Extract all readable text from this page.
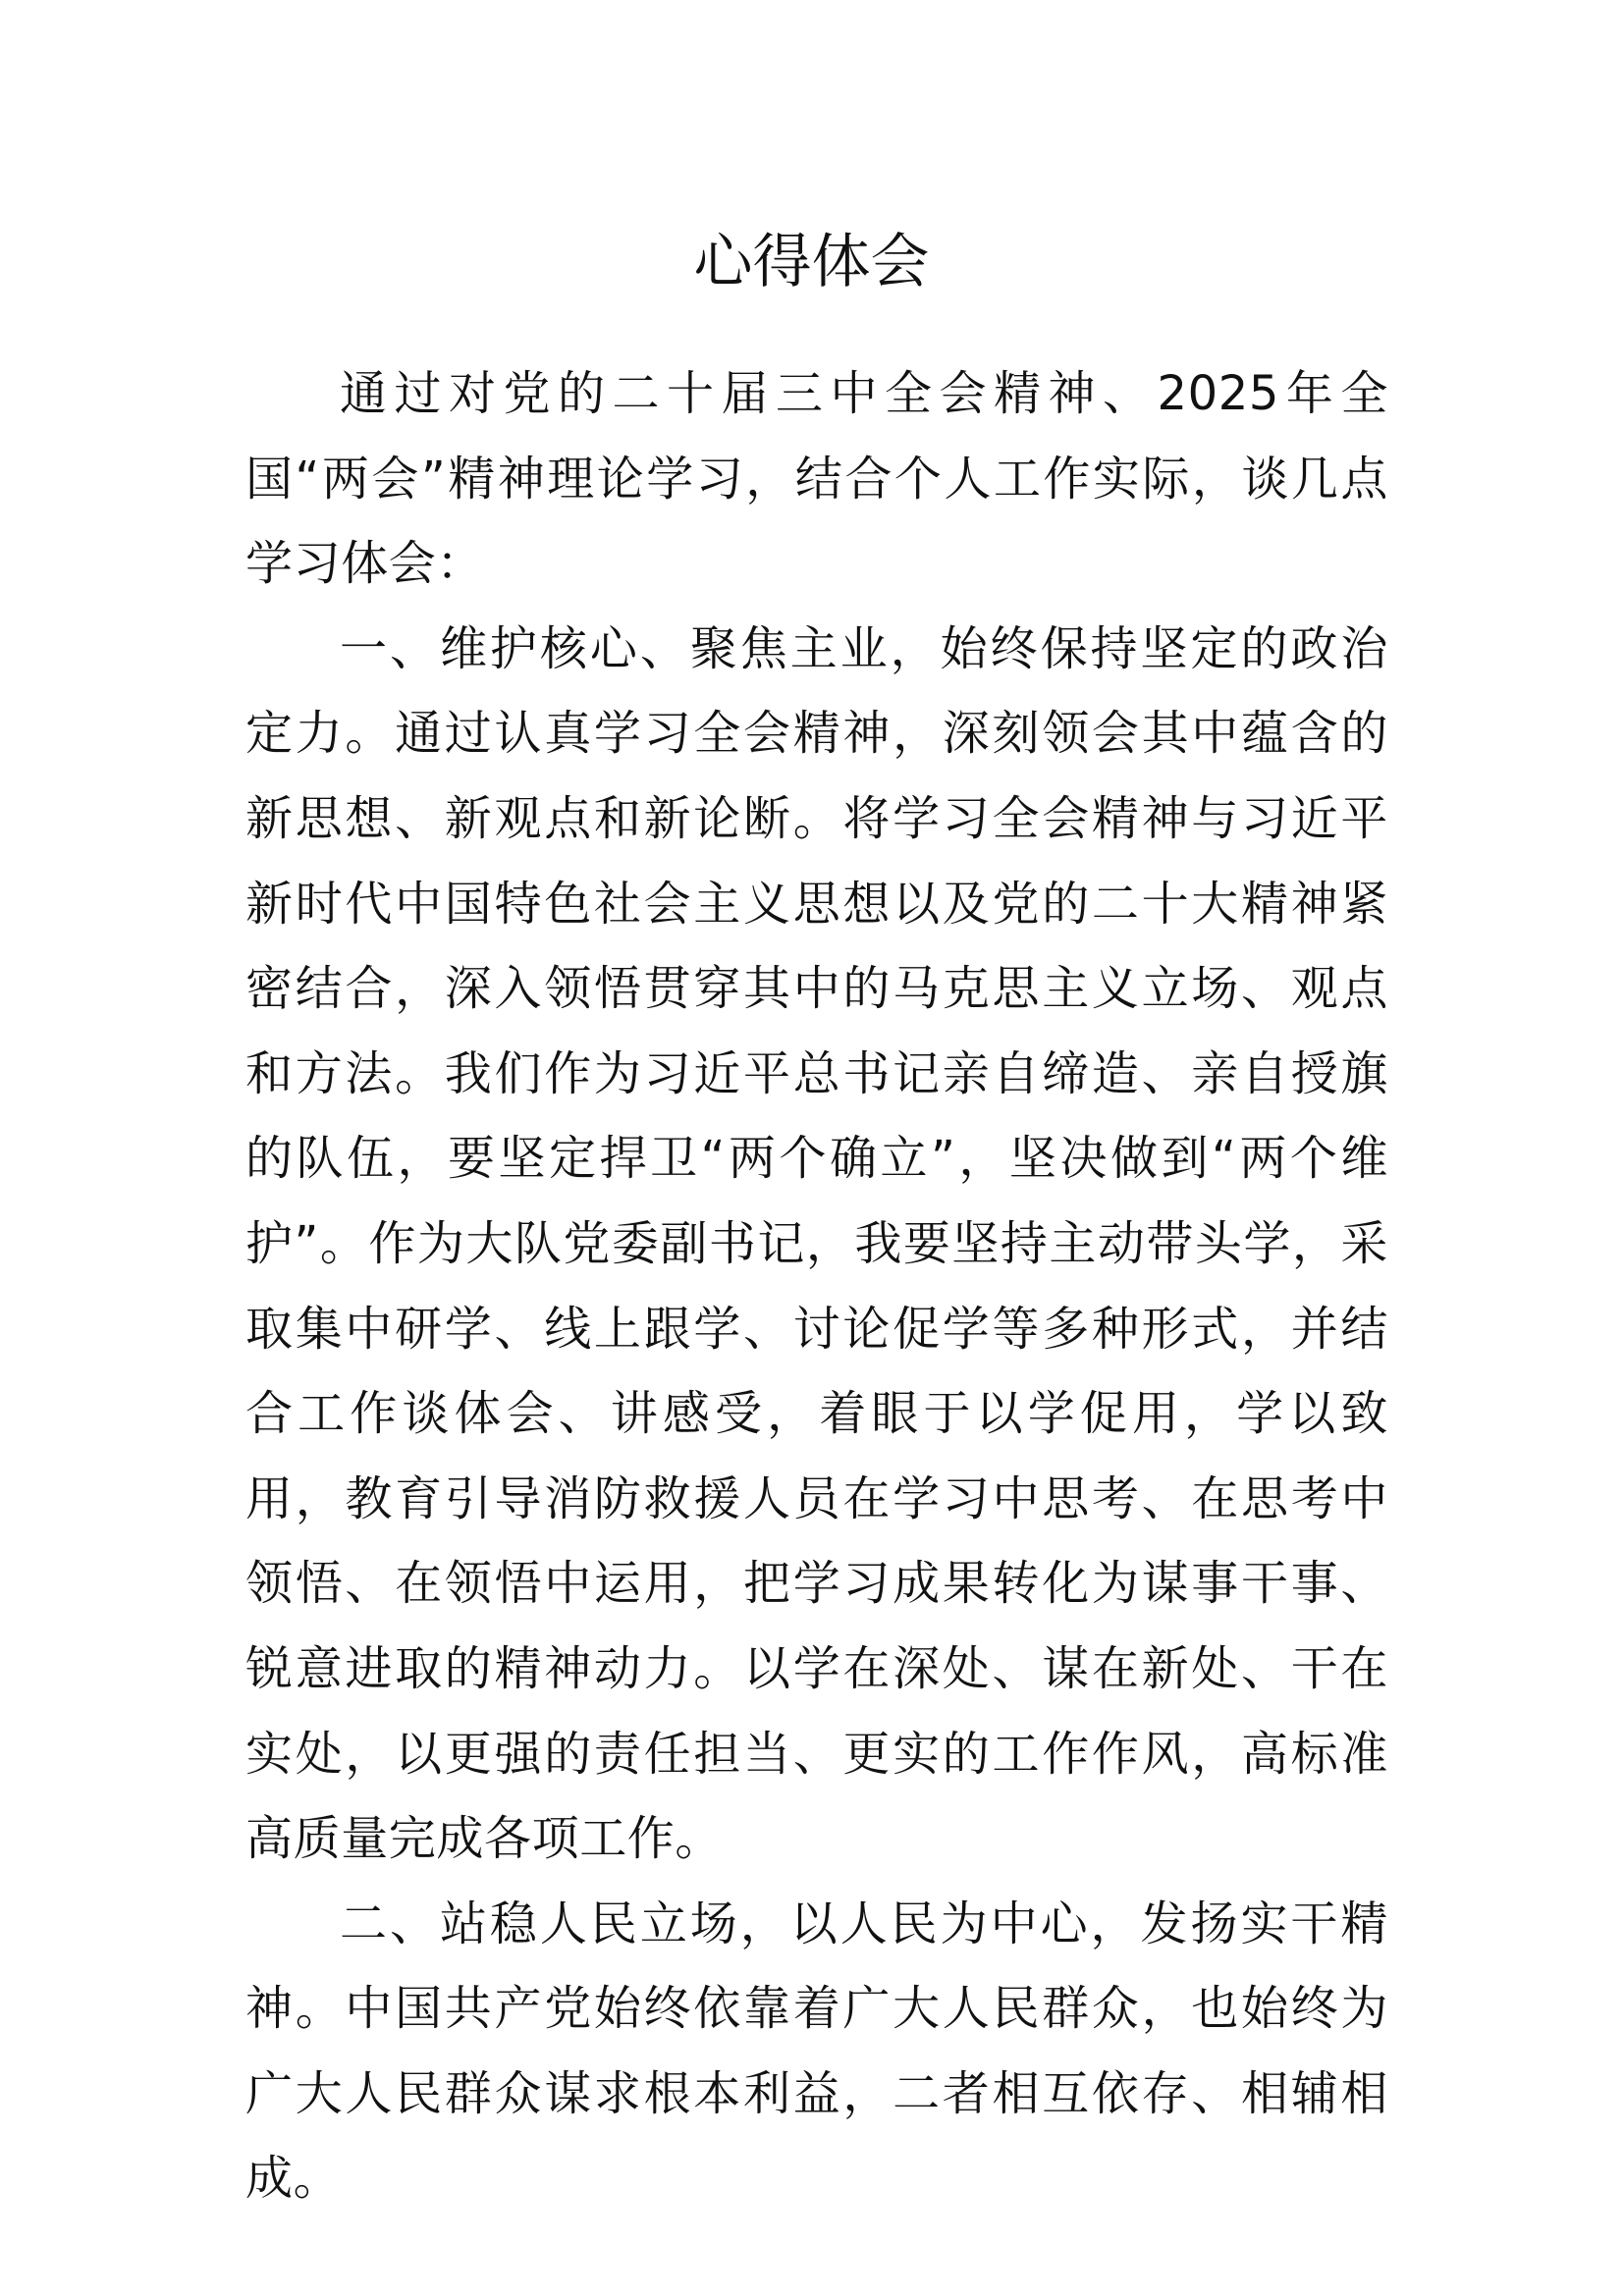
心得体会

通过对党的二十届三中全会精神、2025年全国“两会”精神理论学习，结合个人工作实际，谈几点学习体会：

一、维护核心、聚焦主业，始终保持坚定的政治定力。通过认真学习全会精神，深刻领会其中蕴含的新思想、新观点和新论断。将学习全会精神与习近平新时代中国特色社会主义思想以及党的二十大精神紧密结合，深入领悟贯穿其中的马克思主义立场、观点和方法。我们作为习近平总书记亲自缔造、亲自授旗的队伍，要坚定捍卫“两个确立”，坚决做到“两个维护”。作为大队党委副书记，我要坚持主动带头学，采取集中研学、线上跟学、讨论促学等多种形式，并结合工作谈体会、讲感受，着眼于以学促用，学以致用，教育引导消防救援人员在学习中思考、在思考中领悟、在领悟中运用，把学习成果转化为谋事干事、锐意进取的精神动力。以学在深处、谋在新处、干在实处，以更强的责任担当、更实的工作作风，高标准高质量完成各项工作。

二、站稳人民立场，以人民为中心，发扬实干精神。中国共产党始终依靠着广大人民群众，也始终为广大人民群众谋求根本利益，二者相互依存、相辅相成。
